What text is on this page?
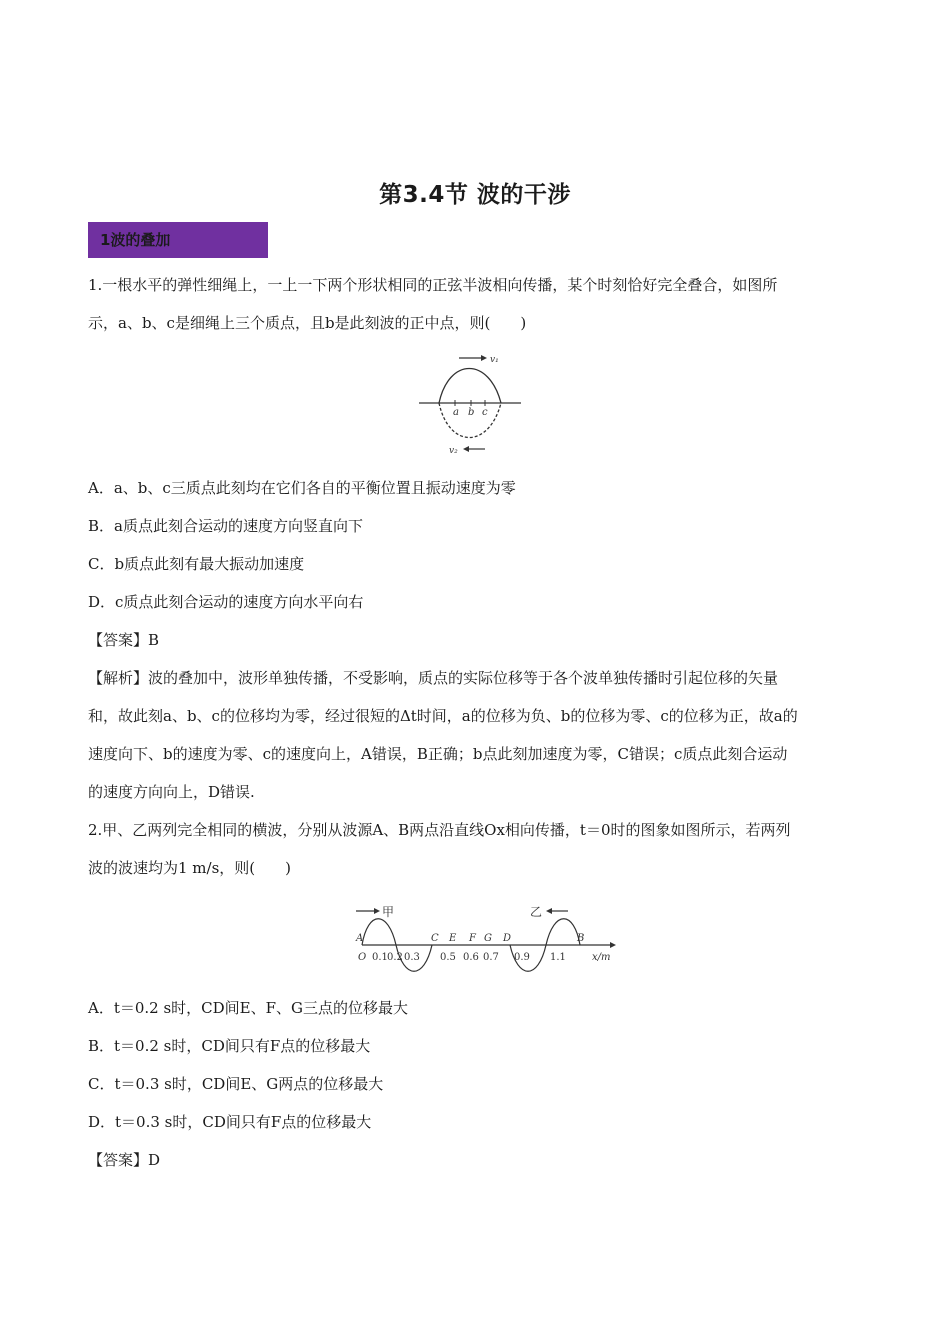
第3.4节 波的干涉
1波的叠加
1.一根水平的弹性细绳上，一上一下两个形状相同的正弦半波相向传播，某个时刻恰好完全叠合，如图所
示，a、b、c是细绳上三个质点，且b是此刻波的正中点，则(　　)
v₁
a b c
v₂
A．a、b、c三质点此刻均在它们各自的平衡位置且振动速度为零
B．a质点此刻合运动的速度方向竖直向下
C．b质点此刻有最大振动加速度
D．c质点此刻合运动的速度方向水平向右
【答案】B
【解析】波的叠加中，波形单独传播，不受影响，质点的实际位移等于各个波单独传播时引起位移的矢量
和，故此刻a、b、c的位移均为零，经过很短的Δt时间，a的位移为负、b的位移为零、c的位移为正，故a的
速度向下、b的速度为零、c的速度向上，A错误，B正确；b点此刻加速度为零，C错误；c质点此刻合运动
的速度方向向上，D错误.
2.甲、乙两列完全相同的横波，分别从波源A、B两点沿直线Ox相向传播，t＝0时的图象如图所示，若两列
波的波速均为1 m/s，则(　　)
甲	乙
A	C E F G D	B
O 0.1 0.2 0.3 0.5 0.6 0.7 0.9 1.1	x/m
A．t＝0.2 s时，CD间E、F、G三点的位移最大
B．t＝0.2 s时，CD间只有F点的位移最大
C．t＝0.3 s时，CD间E、G两点的位移最大
D．t＝0.3 s时，CD间只有F点的位移最大
【答案】D
